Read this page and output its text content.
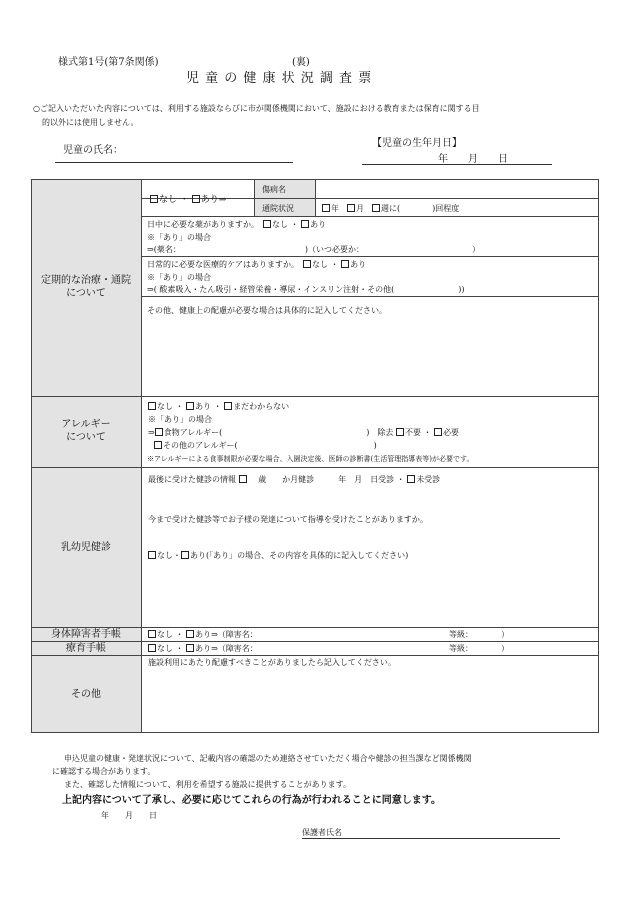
様式第1号(第7条関係)	(裏)
児 童 の 健 康 状 況 調 査 票
○ご記入いただいた内容については、利用する施設ならびに市が関係機関において、施設における教育または保育に関する目
的以外には使用しません。
児童の氏名：
【児童の生年月日】
年　　月　　日
定期的な治療・通院
について
なし ・ あり⇒
傷病名
通院状況	年　月　週に(　　　　)回程度
日中に必要な薬がありますか。　 なし ・ あり
※「あり」の場合
⇒(薬名：　　　　　　　　　　　　　　　　)（いつ必要か：　　　　　　　　　　　　　　）
日常的に必要な医療的ケアはありますか。　 なし ・ あり
※「あり」の場合
⇒( 酸素吸入・たん吸引・経管栄養・導尿・インスリン注射・その他(　　　　　　　　))
その他、健康上の配慮が必要な場合は具体的に記入してください。
アレルギー
について
なし ・ あり ・ まだわからない
※「あり」の場合
⇒ 食物アレルギー(　　　　　　　　　　　　　　　　　　)　除去 不要 ・ 必要
その他のアレルギー(　　　　　　　　　　　　　　　　　)
※アレルギーによる食事制限が必要な場合、入園決定後、医師の診断書(生活管理指導表等)が必要です。
乳幼児健診
最後に受けた健診の情報  　歳　　か月健診　　　年　月　日受診 ・ 未受診
今まで受けた健診等でお子様の発達について指導を受けたことがありますか。
なし・ あり(「あり」の場合、その内容を具体的に記入してください)
身体障害者手帳	なし ・ あり⇒（障害名：	等級：　　　　）
療育手帳	なし ・ あり⇒（障害名：	等級：　　　　）
その他
施設利用にあたり配慮すべきことがありましたら記入してください。
申込児童の健康・発達状況について、記載内容の確認のため連絡させていただく場合や健診の担当課など関係機関
に確認する場合があります。
また、確認した情報について、利用を希望する施設に提供することがあります。
上記内容について了承し、必要に応じてこれらの行為が行われることに同意します。
年　　月　　日
保護者氏名
